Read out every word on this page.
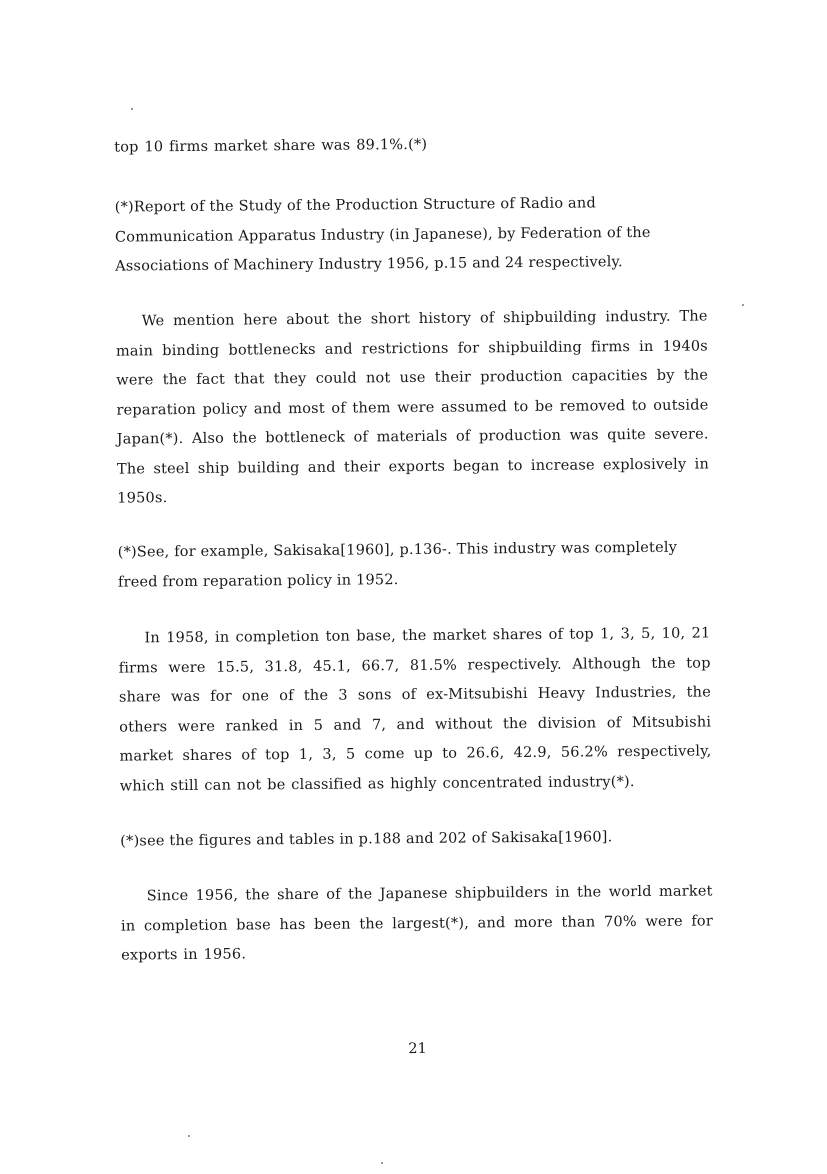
top 10 firms market share was 89.1%.(*)

(*)Report of the Study of the Production Structure of Radio and Communication Apparatus Industry (in Japanese), by Federation of the Associations of Machinery Industry 1956, p.15 and 24 respectively.

We mention here about the short history of shipbuilding industry. The main binding bottlenecks and restrictions for shipbuilding firms in 1940s were the fact that they could not use their production capacities by the reparation policy and most of them were assumed to be removed to outside Japan(*). Also the bottleneck of materials of production was quite severe. The steel ship building and their exports began to increase explosively in 1950s.

(*)See, for example, Sakisaka[1960], p.136-. This industry was completely freed from reparation policy in 1952.

In 1958, in completion ton base, the market shares of top 1, 3, 5, 10, 21 firms were 15.5, 31.8, 45.1, 66.7, 81.5% respectively. Although the top share was for one of the 3 sons of ex-Mitsubishi Heavy Industries, the others were ranked in 5 and 7, and without the division of Mitsubishi market shares of top 1, 3, 5 come up to 26.6, 42.9, 56.2% respectively, which still can not be classified as highly concentrated industry(*).

(*)see the figures and tables in p.188 and 202 of Sakisaka[1960].

Since 1956, the share of the Japanese shipbuilders in the world market in completion base has been the largest(*), and more than 70% were for exports in 1956.

21
